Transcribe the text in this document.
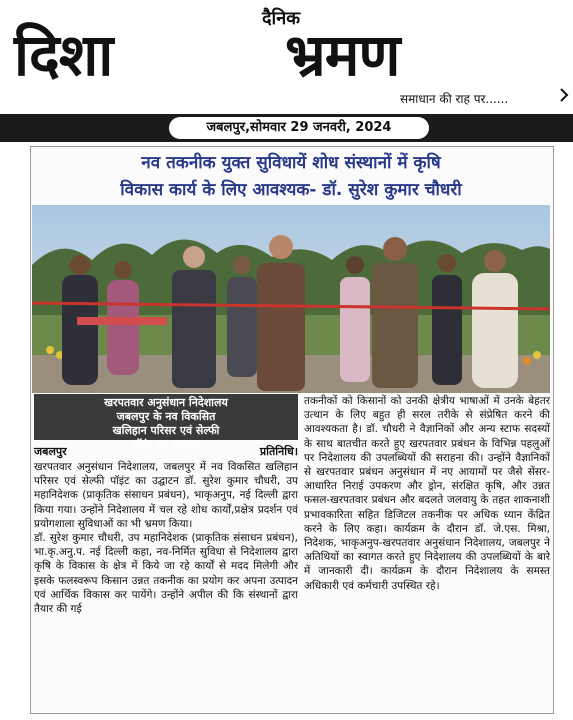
दैनिक
दिशा	भ्रमण
समाधान की राह पर......
जबलपुर,सोमवार 29 जनवरी, 2024
नव तकनीक युक्त सुविधायें शोध संस्थानों में कृषि
विकास कार्य के लिए आवश्यक- डॉ. सुरेश कुमार चौधरी
खरपतवार अनुसंधान निदेशालय
जबलपुर के नव विकसित
खलिहान परिसर एवं सेल्फी
पॉइंट का उद्घाटन
जबलपुर	प्रतिनिधि।
खरपतवार अनुसंधान निदेशालय, जबलपुर में नव विकसित खलिहान परिसर एवं सेल्फी पॉइंट का उद्घाटन डॉ. सुरेश कुमार चौधरी, उप महानिदेशक (प्राकृतिक संसाधन प्रबंधन), भाकृअनुप, नई दिल्ली द्वारा किया गया। उन्होंने निदेशालय में चल रहे शोध कार्यों,प्रक्षेत्र प्रदर्शन एवं प्रयोगशाला सुविधाओं का भी भ्रमण किया।
डॉ. सुरेश कुमार चौधरी, उप महानिदेशक (प्राकृतिक संसाधन प्रबंधन), भा.कृ.अनु.प. नई दिल्ली कहा, नव-निर्मित सुविधा से निदेशालय द्वारा कृषि के विकास के क्षेत्र में किये जा रहे कार्यों से मदद मिलेगी और इसके फलस्वरूप किसान उन्नत तकनीक का प्रयोग कर अपना उत्पादन एवं आर्थिक विकास कर पायेंगे। उन्होंने अपील की कि संस्थानों द्वारा तैयार की गई
तकनीकों को किसानों को उनकी क्षेत्रीय भाषाओं में उनके बेहतर उत्थान के लिए बहुत ही सरल तरीके से संप्रेषित करने की आवश्यकता है। डॉ. चौधरी ने वैज्ञानिकों और अन्य स्टाफ सदस्यों के साथ बातचीत करते हुए खरपतवार प्रबंधन के विभिन्न पहलुओं पर निदेशालय की उपलब्धियों की सराहना की। उन्होंने वैज्ञानिकों से खरपतवार प्रबंधन अनुसंधान में नए आयामों पर जैसे सेंसर-आधारित निराई उपकरण और ड्रोन, संरक्षित कृषि, और उन्नत फसल-खरपतवार प्रबंधन और बदलते जलवायु के तहत शाकनाशी प्रभावकारिता सहित डिजिटल तकनीक पर अधिक ध्यान केंद्रित करने के लिए कहा। कार्यक्रम के दौरान डॉ. जे.एस. मिश्रा, निदेशक, भाकृअनुप-खरपतवार अनुसंधान निदेशालय, जबलपुर ने अतिथियों का स्वागत करते हुए निदेशालय की उपलब्धियों के बारे में जानकारी दी। कार्यक्रम के दौरान निदेशालय के समस्त अधिकारी एवं कर्मचारी उपस्थित रहे।
